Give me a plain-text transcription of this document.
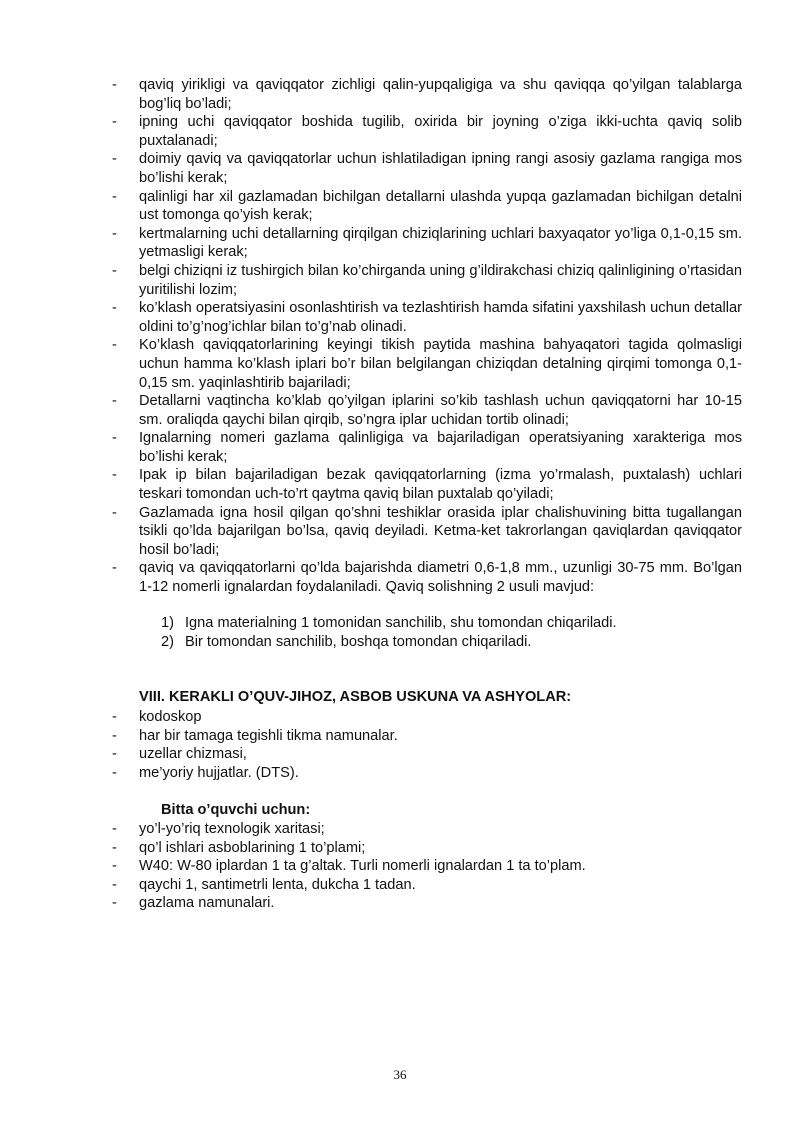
- qaviq yirikligi va qaviqqator zichligi qalin-yupqaligiga va shu qaviqqa qo’yilgan talablarga bog’liq bo’ladi;
- ipning uchi qaviqqator boshida tugilib, oxirida bir joyning o’ziga ikki-uchta qaviq solib puxtalanadi;
- doimiy qaviq va qaviqqatorlar uchun ishlatiladigan ipning rangi asosiy gazlama rangiga mos bo’lishi kerak;
- qalinligi har xil gazlamadan bichilgan detallarni ulashda yupqa gazlamadan bichilgan detalni ust tomonga qo’yish kerak;
- kertmalarning uchi detallarning qirqilgan chiziqlarining uchlari baxyaqator yo’liga 0,1-0,15 sm. yetmasligi kerak;
- belgi chiziqni iz tushirgich bilan ko’chirganda uning g’ildirakchasi chiziq qalinligining o’rtasidan yuritilishi lozim;
- ko’klash operatsiyasini osonlashtirish va tezlashtirish hamda sifatini yaxshilash uchun detallar oldini to’g’nog’ichlar bilan to’g’nab olinadi.
- Ko’klash qaviqqatorlarining keyingi tikish paytida mashina bahyaqatori tagida qolmasligi uchun hamma ko’klash iplari bo’r bilan belgilangan chiziqdan detalning qirqimi tomonga 0,1-0,15 sm. yaqinlashtirib bajariladi;
- Detallarni vaqtincha ko’klab qo’yilgan iplarini so’kib tashlash uchun qaviqqatorni har 10-15 sm. oraliqda qaychi bilan qirqib, so’ngra iplar uchidan tortib olinadi;
- Ignalarning nomeri gazlama qalinligiga va bajariladigan operatsiyaning xarakteriga mos bo’lishi kerak;
- Ipak ip bilan bajariladigan bezak qaviqqatorlarning (izma yo’rmalash, puxtalash) uchlari teskari tomondan uch-to’rt qaytma qaviq bilan puxtalab qo’yiladi;
- Gazlamada igna hosil qilgan qo’shni teshiklar orasida iplar chalishuvining bitta tugallangan tsikli qo’lda bajarilgan bo’lsa, qaviq deyiladi. Ketma-ket takrorlangan qaviqlardan qaviqqator hosil bo’ladi;
- qaviq va qaviqqatorlarni qo’lda bajarishda diametri 0,6-1,8 mm., uzunligi 30-75 mm. Bo’lgan 1-12 nomerli ignalardan foydalaniladi. Qaviq solishning 2 usuli mavjud:
1) Igna materialning 1 tomonidan sanchilib, shu tomondan chiqariladi.
2) Bir tomondan sanchilib, boshqa tomondan chiqariladi.
VIII. KERAKLI O’QUV-JIHOZ, ASBOB USKUNA VA ASHYOLAR:
- kodoskop
- har bir tamaga tegishli tikma namunalar.
- uzellar chizmasi,
- me’yoriy hujjatlar. (DTS).
Bitta o’quvchi uchun:
- yo’l-yo’riq texnologik xaritasi;
- qo’l ishlari asboblarining 1 to’plami;
- W40: W-80 iplardan 1 ta g’altak. Turli nomerli ignalardan 1 ta to’plam.
- qaychi 1, santimetrli lenta, dukcha 1 tadan.
- gazlama namunalari.
36
